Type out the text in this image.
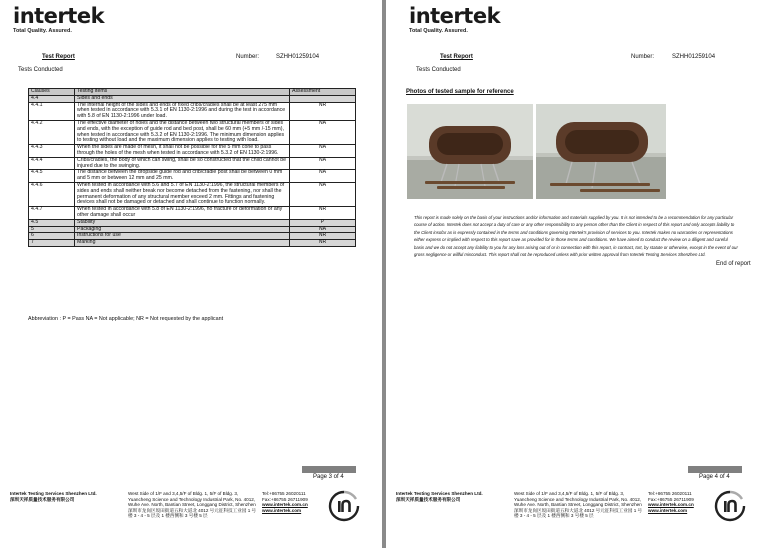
intertek
Total Quality. Assured.
Test Report	Number:	SZHH01259104
Tests Conducted
Clauses	Testing items	Assessment
4.4	Sides and ends	
4.4.1	The internal height of the sides and ends of fixed cribs/cradles shall be at least 275 mm when tested in accordance with 5.3.1 of EN 1130-2:1996 and during the test in accordance with 5.8 of EN 1130-2:1996 under load.	NR
4.4.2	The effective diameter of holes and the distance between two structural members of sides and ends, with the exception of guide rod and bed post, shall be 60 mm (+5 mm /-15 mm), when tested in accordance with 5.3.2 of EN 1130-2:1996. The minimum dimension applies to testing without load and the maximum dimension applies to testing with load.	NA
4.4.3	When the sides are made of mesh, it shall not be possible for the 5 mm cone to pass through the holes of the mesh when tested in accordance with 5.3.2 of EN 1130-2:1996.	NA
4.4.4	Cribs/cradles, the body of which can swing, shall be so constructed that the child cannot be injured due to the swinging.	NA
4.4.5	The distance between the dropside guide rod and crib/cradle post shall be between 0 mm and 5 mm or between 12 mm and 25 mm.	NA
4.4.6	When tested in accordance with 5.6 and 5.7 of EN 1130-2:1996, the structural members of sides and ends shall neither break nor become detached from the fastening, nor shall the permanent deformation of any structural member exceed 2 mm. Fittings and fastening devices shall not be damaged or detached and shall continue to function normally.	NA
4.4.7	When tested in accordance with 5.8 of EN 1130-2:1996, no fracture or deformation or any other damage shall occur	NR
4.5	Stability	P
5	Packaging	NA
6	Instructions for use	NR
7	Marking	NR
Abbreviation : P = Pass NA = Not applicable; NR = Not requested by the applicant
Page 3 of 4
Intertek Testing Services Shenzhen Ltd.
深圳天祥质量技术服务有限公司
West Side of 1/F and 3,4,5/F of Bldg. 1, 5/F of Bldg. 3, Yuancheng Science and Technology Industrial Park, No. 4012, Wuhe Ave. North, Bantian Street, Longgang District, Shenzhen
深圳市龙岗区坂田街道五和大道北 4012 号元征科技工业园 1 号楼 3 - 4 - 5 层及 1 楼西侧和 3 号楼 5 层
Tel:+86755 26020111
Fax:+86755 26711909
www.intertek.com.cn
www.intertek.com
intertek
Total Quality. Assured.
Test Report	Number:	SZHH01259104
Tests Conducted
Photos of tested sample for reference
This report is made solely on the basis of your instructions and/or information and materials supplied by you. It is not intended to be a recommendation for any particular course of action. Intertek does not accept a duty of care or any other responsibility to any person other than the Client in respect of this report and only accepts liability to the Client insofar as is expressly contained in the terms and conditions governing Intertek's provision of services to you. Intertek makes no warranties or representations either express or implied with respect to this report save as provided for in those terms and conditions. We have aimed to conduct the review on a diligent and careful basis and we do not accept any liability to you for any loss arising out of or in connection with this report, in contract, tort, by statute or otherwise, except in the event of our gross negligence or willful misconduct. This report shall not be reproduced unless with prior written approval from Intertek Testing Services Shenzhen Ltd.
End of report
Page 4 of 4
Intertek Testing Services Shenzhen Ltd.
深圳天祥质量技术服务有限公司
West Side of 1/F and 3,4,5/F of Bldg. 1, 5/F of Bldg. 3, Yuancheng Science and Technology Industrial Park, No. 4012, Wuhe Ave. North, Bantian Street, Longgang District, Shenzhen
深圳市龙岗区坂田街道五和大道北 4012 号元征科技工业园 1 号楼 3 - 4 - 5 层及 1 楼西侧和 3 号楼 5 层
Tel:+86755 26020111
Fax:+86755 26711909
www.intertek.com.cn
www.intertek.com
